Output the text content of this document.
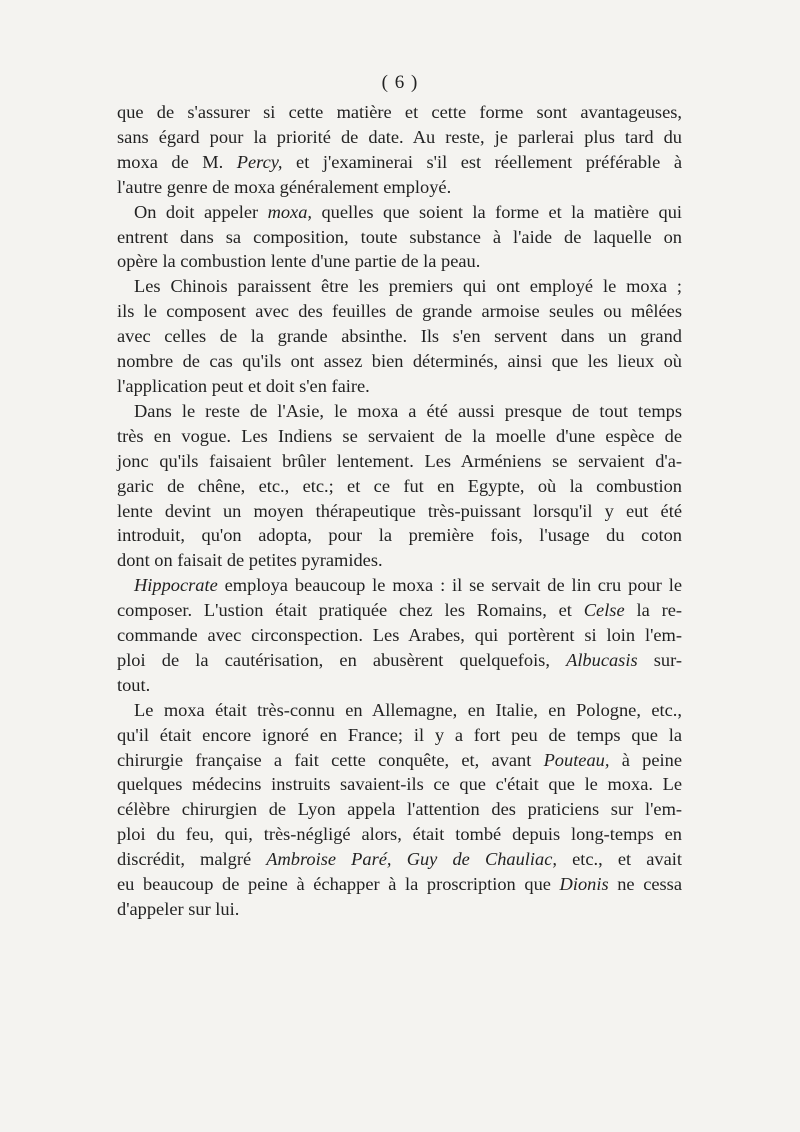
( 6 )
que de s'assurer si cette matière et cette forme sont avantageuses,
sans égard pour la priorité de date. Au reste, je parlerai plus tard du
moxa de M. Percy, et j'examinerai s'il est réellement préférable à
l'autre genre de moxa généralement employé.
On doit appeler moxa, quelles que soient la forme et la matière qui
entrent dans sa composition, toute substance à l'aide de laquelle on
opère la combustion lente d'une partie de la peau.
Les Chinois paraissent être les premiers qui ont employé le moxa ;
ils le composent avec des feuilles de grande armoise seules ou mêlées
avec celles de la grande absinthe. Ils s'en servent dans un grand
nombre de cas qu'ils ont assez bien déterminés, ainsi que les lieux où
l'application peut et doit s'en faire.
Dans le reste de l'Asie, le moxa a été aussi presque de tout temps
très en vogue. Les Indiens se servaient de la moelle d'une espèce de
jonc qu'ils faisaient brûler lentement. Les Arméniens se servaient d'a-
garic de chêne, etc., etc.; et ce fut en Egypte, où la combustion
lente devint un moyen thérapeutique très-puissant lorsqu'il y eut été
introduit, qu'on adopta, pour la première fois, l'usage du coton
dont on faisait de petites pyramides.
Hippocrate employa beaucoup le moxa : il se servait de lin cru pour le
composer. L'ustion était pratiquée chez les Romains, et Celse la re-
commande avec circonspection. Les Arabes, qui portèrent si loin l'em-
ploi de la cautérisation, en abusèrent quelquefois, Albucasis sur-
tout.
Le moxa était très-connu en Allemagne, en Italie, en Pologne, etc.,
qu'il était encore ignoré en France; il y a fort peu de temps que la
chirurgie française a fait cette conquête, et, avant Pouteau, à peine
quelques médecins instruits savaient-ils ce que c'était que le moxa. Le
célèbre chirurgien de Lyon appela l'attention des praticiens sur l'em-
ploi du feu, qui, très-négligé alors, était tombé depuis long-temps en
discrédit, malgré Ambroise Paré, Guy de Chauliac, etc., et avait
eu beaucoup de peine à échapper à la proscription que Dionis ne cessa
d'appeler sur lui.
